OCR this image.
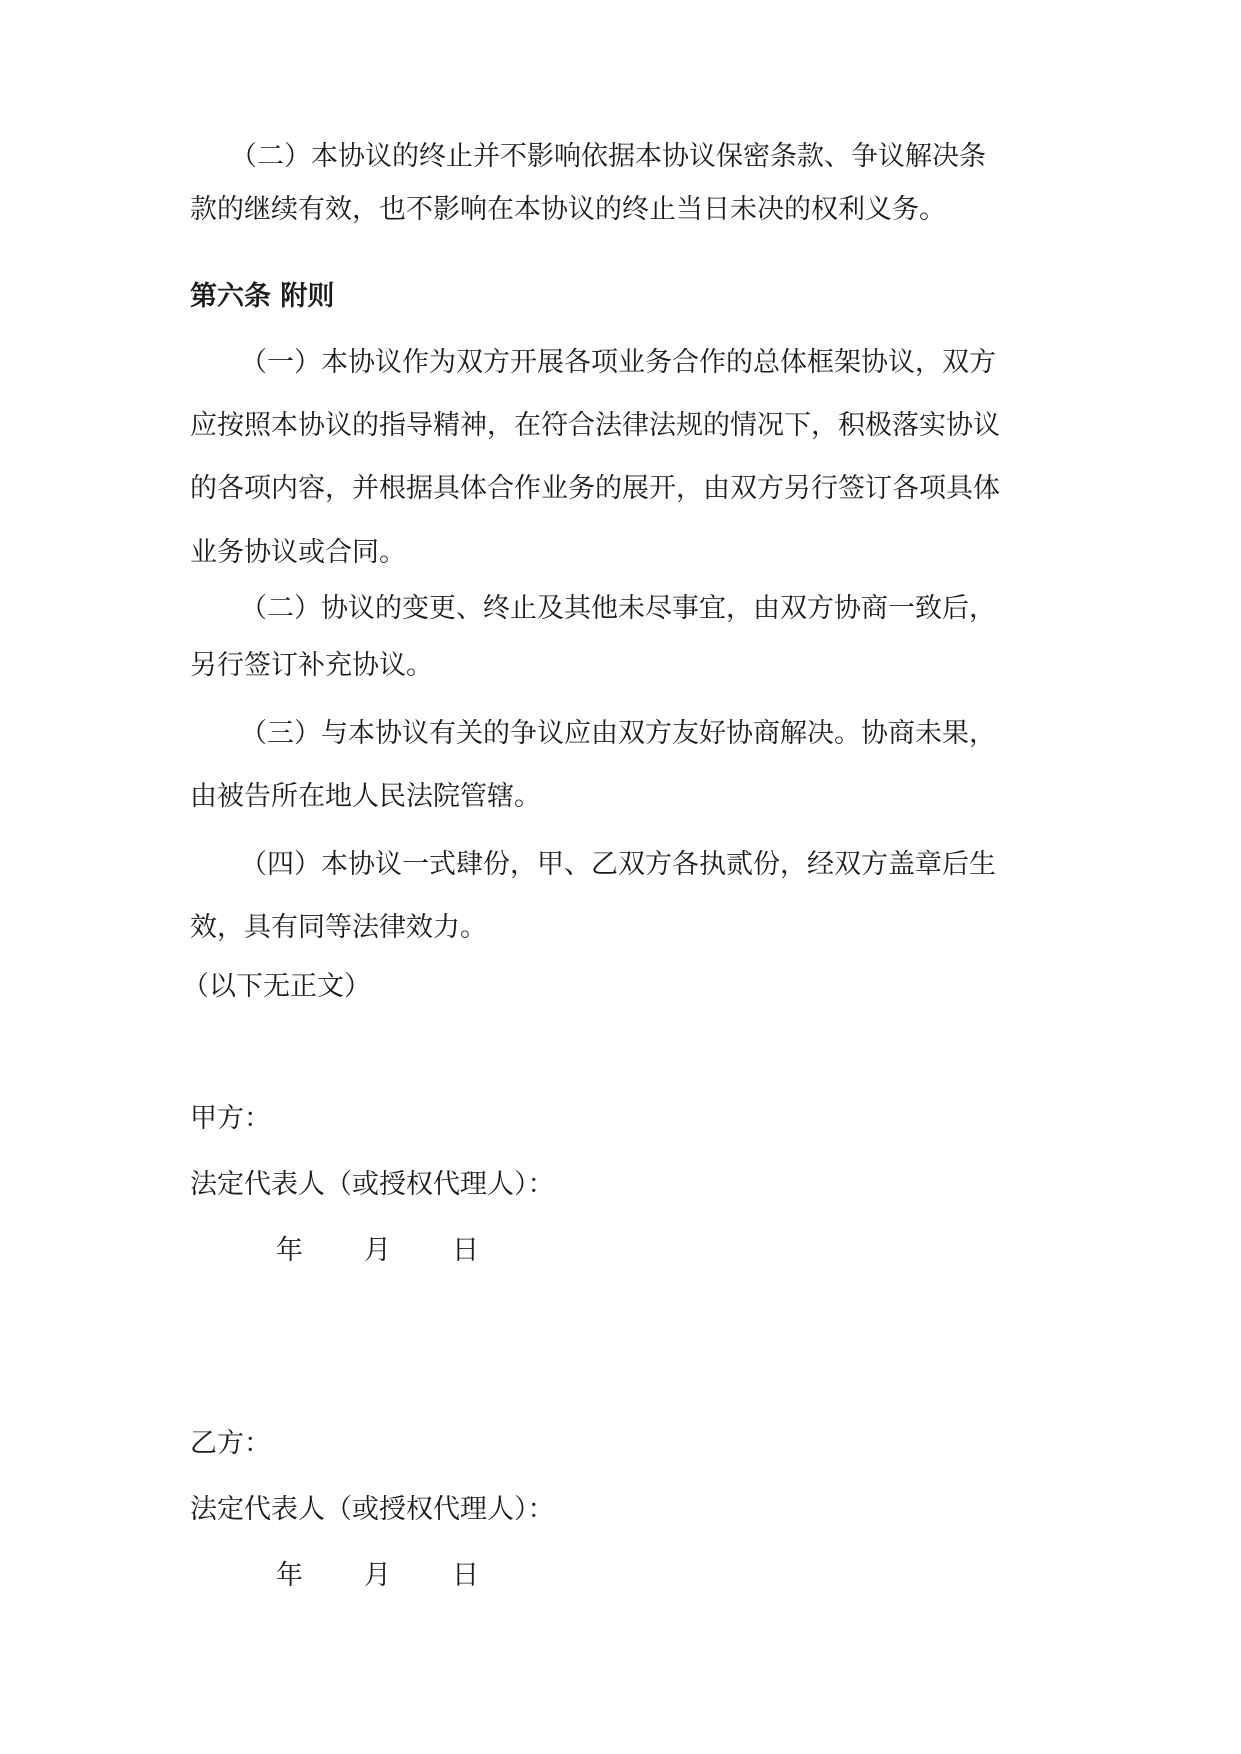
（二）本协议的终止并不影响依据本协议保密条款、争议解决条
款的继续有效，也不影响在本协议的终止当日未决的权利义务。
第六条 附则
（一）本协议作为双方开展各项业务合作的总体框架协议，双方
应按照本协议的指导精神，在符合法律法规的情况下，积极落实协议
的各项内容，并根据具体合作业务的展开，由双方另行签订各项具体
业务协议或合同。
（二）协议的变更、终止及其他未尽事宜，由双方协商一致后，
另行签订补充协议。
（三）与本协议有关的争议应由双方友好协商解决。协商未果，
由被告所在地人民法院管辖。
（四）本协议一式肆份，甲、乙双方各执贰份，经双方盖章后生
效，具有同等法律效力。
（以下无正文）
甲方：
法定代表人（或授权代理人）：
年 月 日
乙方：
法定代表人（或授权代理人）：
年 月 日
